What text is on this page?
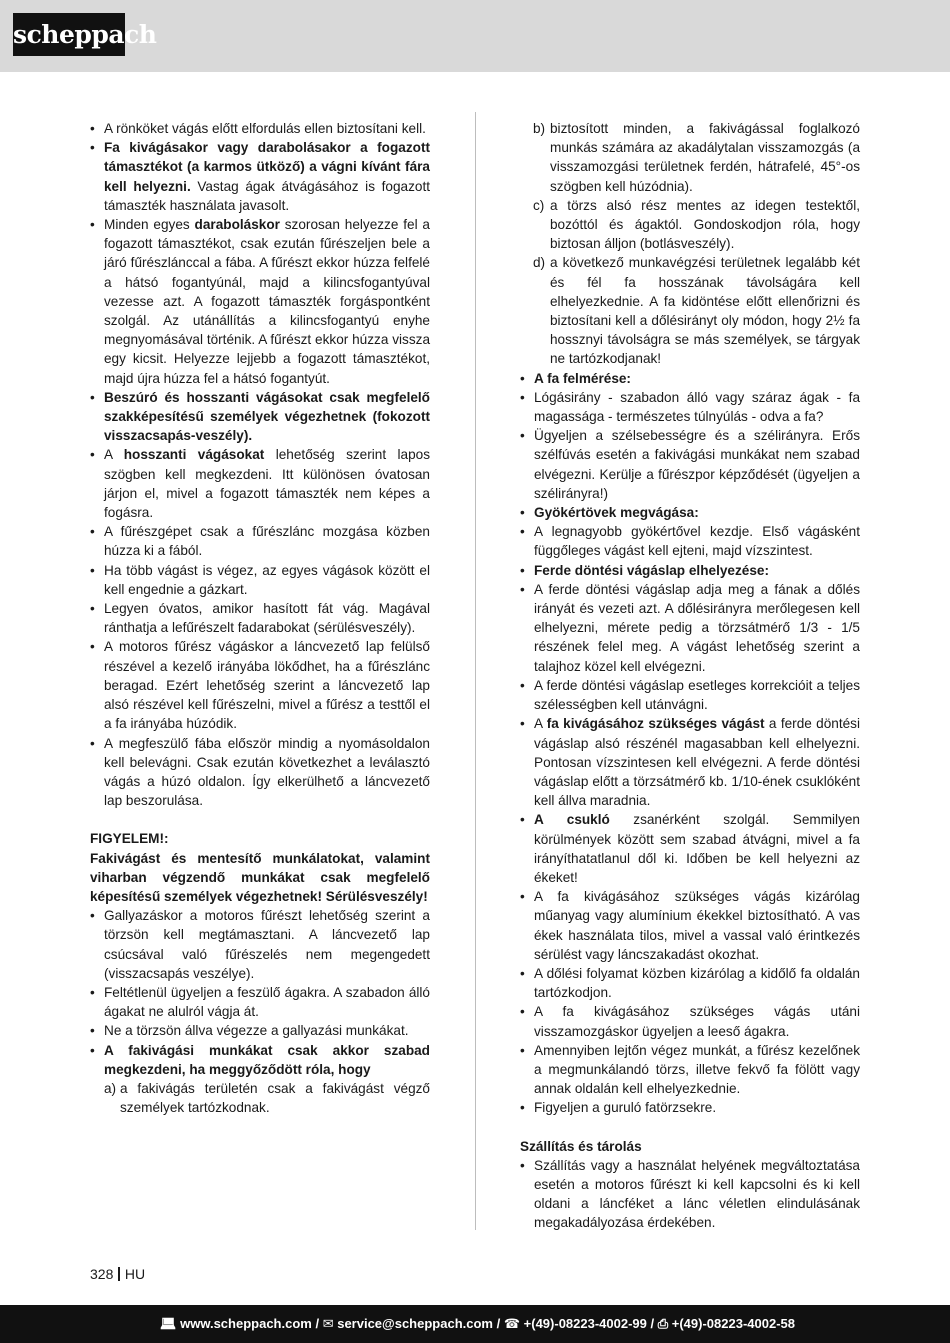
scheppach
• A rönköket vágás előtt elfordulás ellen biztosítani kell.
• Fa kivágásakor vagy darabolásakor a fogazott támasztékot (a karmos ütköző) a vágni kívánt fára kell helyezni. Vastag ágak átvágásához is fogazott támaszték használata javasolt.
• Minden egyes daraboláskor szorosan helyezze fel a fogazott támasztékot, csak ezután fűrészeljen bele a járó fűrészlánccal a fába. A fűrészt ekkor húzza felfelé a hátsó fogantyúnál, majd a kilincsfogantyúval vezesse azt. A fogazott támaszték forgáspontként szolgál. Az utánállítás a kilincsfogantyú enyhe megnyomásával történik. A fűrészt ekkor húzza vissza egy kicsit. Helyezze lejjebb a fogazott támasztékot, majd újra húzza fel a hátsó fogantyút.
• Beszúró és hosszanti vágásokat csak megfelelő szakképesítésű személyek végezhetnek (fokozott visszacsapás-veszély).
• A hosszanti vágásokat lehetőség szerint lapos szögben kell megkezdeni. Itt különösen óvatosan járjon el, mivel a fogazott támaszték nem képes a fogásra.
• A fűrészgépet csak a fűrészlánc mozgása közben húzza ki a fából.
• Ha több vágást is végez, az egyes vágások között el kell engednie a gázkart.
• Legyen óvatos, amikor hasított fát vág. Magával ránthatja a lefűrészelt fadarabokat (sérülésveszély).
• A motoros fűrész vágáskor a láncvezető lap felülső részével a kezelő irányába lökődhet, ha a fűrészlánc beragad. Ezért lehetőség szerint a láncvezető lap alsó részével kell fűrészelni, mivel a fűrész a testtől el a fa irányába húzódik.
• A megfeszülő fába először mindig a nyomásoldalon kell belevágni. Csak ezután következhet a leválasztó vágás a húzó oldalon. Így elkerülhető a láncvezető lap beszorulása.

FIGYELEM!:

Fakivágást és mentesítő munkálatokat, valamint viharban végzendő munkákat csak megfelelő képesítésű személyek végezhetnek! Sérülésveszély!

• Gallyazáskor a motoros fűrészt lehetőség szerint a törzsön kell megtámasztani. A láncvezető lap csúcsával való fűrészelés nem megengedett (visszacsapás veszélye).
• Feltétlenül ügyeljen a feszülő ágakra. A szabadon álló ágakat ne alulról vágja át.
• Ne a törzsön állva végezze a gallyazási munkákat.
• A fakivágási munkákat csak akkor szabad megkezdeni, ha meggyőződött róla, hogy
a) a fakivágás területén csak a fakivágást végző személyek tartózkodnak.
b) biztosított minden, a fakivágással foglalkozó munkás számára az akadálytalan visszamozgás (a visszamozgási területnek ferdén, hátrafelé, 45°-os szögben kell húzódnia).
c) a törzs alsó rész mentes az idegen testektől, bozóttól és ágaktól. Gondoskodjon róla, hogy biztosan álljon (botlásveszély).
d) a következő munkavégzési területnek legalább két és fél fa hosszának távolságára kell elhelyezkednie. A fa kidöntése előtt ellenőrizni és biztosítani kell a dőlésirányt oly módon, hogy 2½ fa hossznyi távolságra se más személyek, se tárgyak ne tartózkodjanak!
• A fa felmérése:
• Lógásirány - szabadon álló vagy száraz ágak - fa magassága - természetes túlnyúlás - odva a fa?
• Ügyeljen a szélsebességre és a szélirányra. Erős szélfúvás esetén a fakivágási munkákat nem szabad elvégezni. Kerülje a fűrészpor képződését (ügyeljen a szélirányra!)
• Gyökértövek megvágása:
• A legnagyobb gyökértővel kezdje. Első vágásként függőleges vágást kell ejteni, majd vízszintest.
• Ferde döntési vágáslap elhelyezése:
• A ferde döntési vágáslap adja meg a fának a dőlés irányát és vezeti azt. A dőlésirányra merőlegesen kell elhelyezni, mérete pedig a törzsátmérő 1/3 - 1/5 részének felel meg. A vágást lehetőség szerint a talajhoz közel kell elvégezni.
• A ferde döntési vágáslap esetleges korrekcióit a teljes szélességben kell utánvágni.
• A fa kivágásához szükséges vágást a ferde döntési vágáslap alsó részénél magasabban kell elhelyezni. Pontosan vízszintesen kell elvégezni. A ferde döntési vágáslap előtt a törzsátmérő kb. 1/10-ének csuklóként kell állva maradnia.
• A csukló zsanérként szolgál. Semmilyen körülmények között sem szabad átvágni, mivel a fa irányíthatatlanul dől ki. Időben be kell helyezni az ékeket!
• A fa kivágásához szükséges vágás kizárólag műanyag vagy alumínium ékekkel biztosítható. A vas ékek használata tilos, mivel a vassal való érintkezés sérülést vagy láncszakadást okozhat.
• A dőlési folyamat közben kizárólag a kidőlő fa oldalán tartózkodjon.
• A fa kivágásához szükséges vágás utáni visszamozgáskor ügyeljen a leeső ágakra.
• Amennyiben lejtőn végez munkát, a fűrész kezelőnek a megmunkálandó törzs, illetve fekvő fa fölött vagy annak oldalán kell elhelyezkednie.
• Figyeljen a guruló fatörzsekre.

Szállítás és tárolás

• Szállítás vagy a használat helyének megváltoztatása esetén a motoros fűrészt ki kell kapcsolni és ki kell oldani a láncféket a lánc véletlen elindulásának megakadályozása érdekében.
328 HU
💻︎ www.scheppach.com / ✉︎ service@scheppach.com / ☎︎ +(49)-08223-4002-99 / ⎙ +(49)-08223-4002-58
